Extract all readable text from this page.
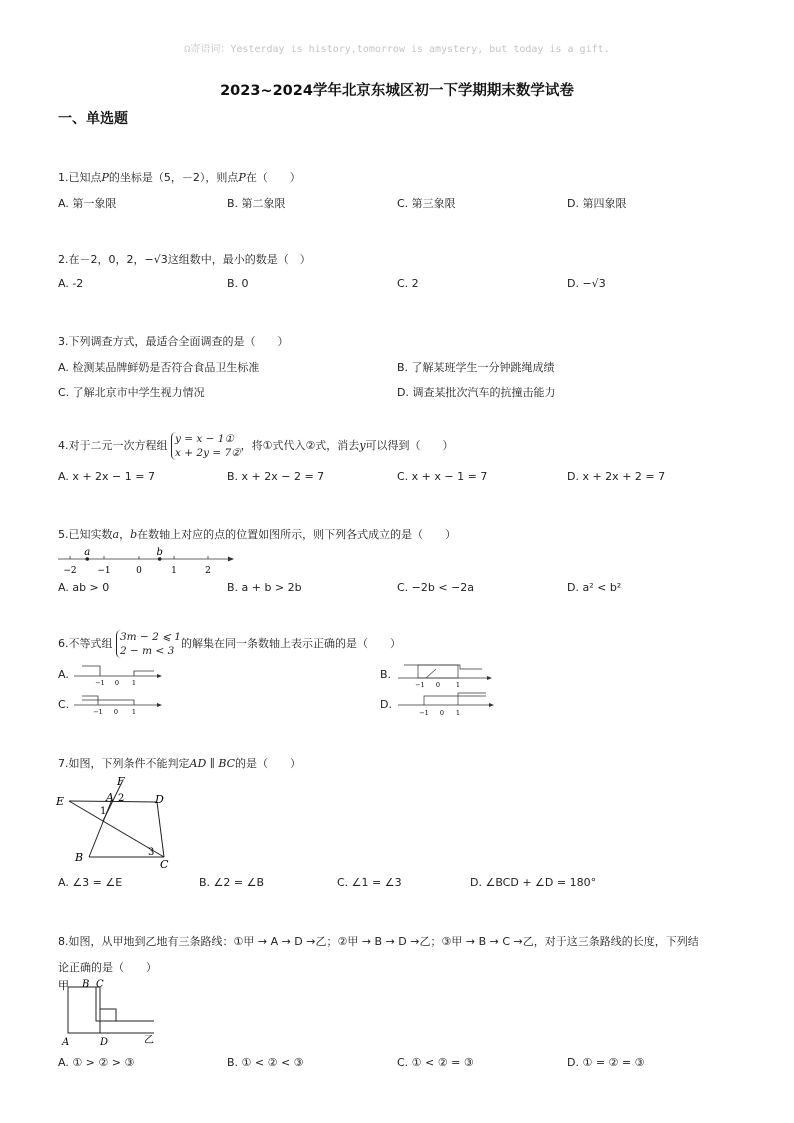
☊寄语词：Yesterday is history,tomorrow is amystery, but today is a gift.
2023~2024学年北京东城区初一下学期期末数学试卷
一、单选题
1.已知点P的坐标是（5，－2），则点P在（　　）
A. 第一象限	B. 第二象限	C. 第三象限	D. 第四象限
2.在－2，0，2，−√3这组数中，最小的数是（　）
A. -2	B. 0	C. 2	D. −√3
3.下列调查方式，最适合全面调查的是（　　）
A. 检测某品牌鲜奶是否符合食品卫生标准	B. 了解某班学生一分钟跳绳成绩
C. 了解北京市中学生视力情况	D. 调查某批次汽车的抗撞击能力
4.对于二元一次方程组 y = x − 1①
x + 2y = 7②，将①式代入②式，消去y可以得到（　　）
A. x + 2x − 1 = 7	B. x + 2x − 2 = 7	C. x + x − 1 = 7	D. x + 2x + 2 = 7
5.已知实数a，b在数轴上对应的点的位置如图所示，则下列各式成立的是（　　）
−2 −1	0	1	2
a	b
A. ab > 0	B. a + b > 2b	C. −2b < −2a	D. a² < b²
6.不等式组 3m − 2 ⩽ 1
2 − m < 3的解集在同一条数轴上表示正确的是（　　）
A.
−1 0 1
B.
−1 0 1
C.
−1 0 1
D.
−1 0 1
7.如图，下列条件不能判定AD ∥ BC的是（　　）
E
F
A 2
1
D
B	3
C
A. ∠3 = ∠E	B. ∠2 = ∠B	C. ∠1 = ∠3	D. ∠BCD + ∠D = 180°
8.如图，从甲地到乙地有三条路线：①甲 → A → D →乙；②甲 → B → D →乙；③甲 → B → C →乙，对于这三条路线的长度，下列结
论正确的是（　　）
甲 B C
乙
A	D
A. ① > ② > ③	B. ① < ② < ③	C. ① < ② = ③	D. ① = ② = ③
